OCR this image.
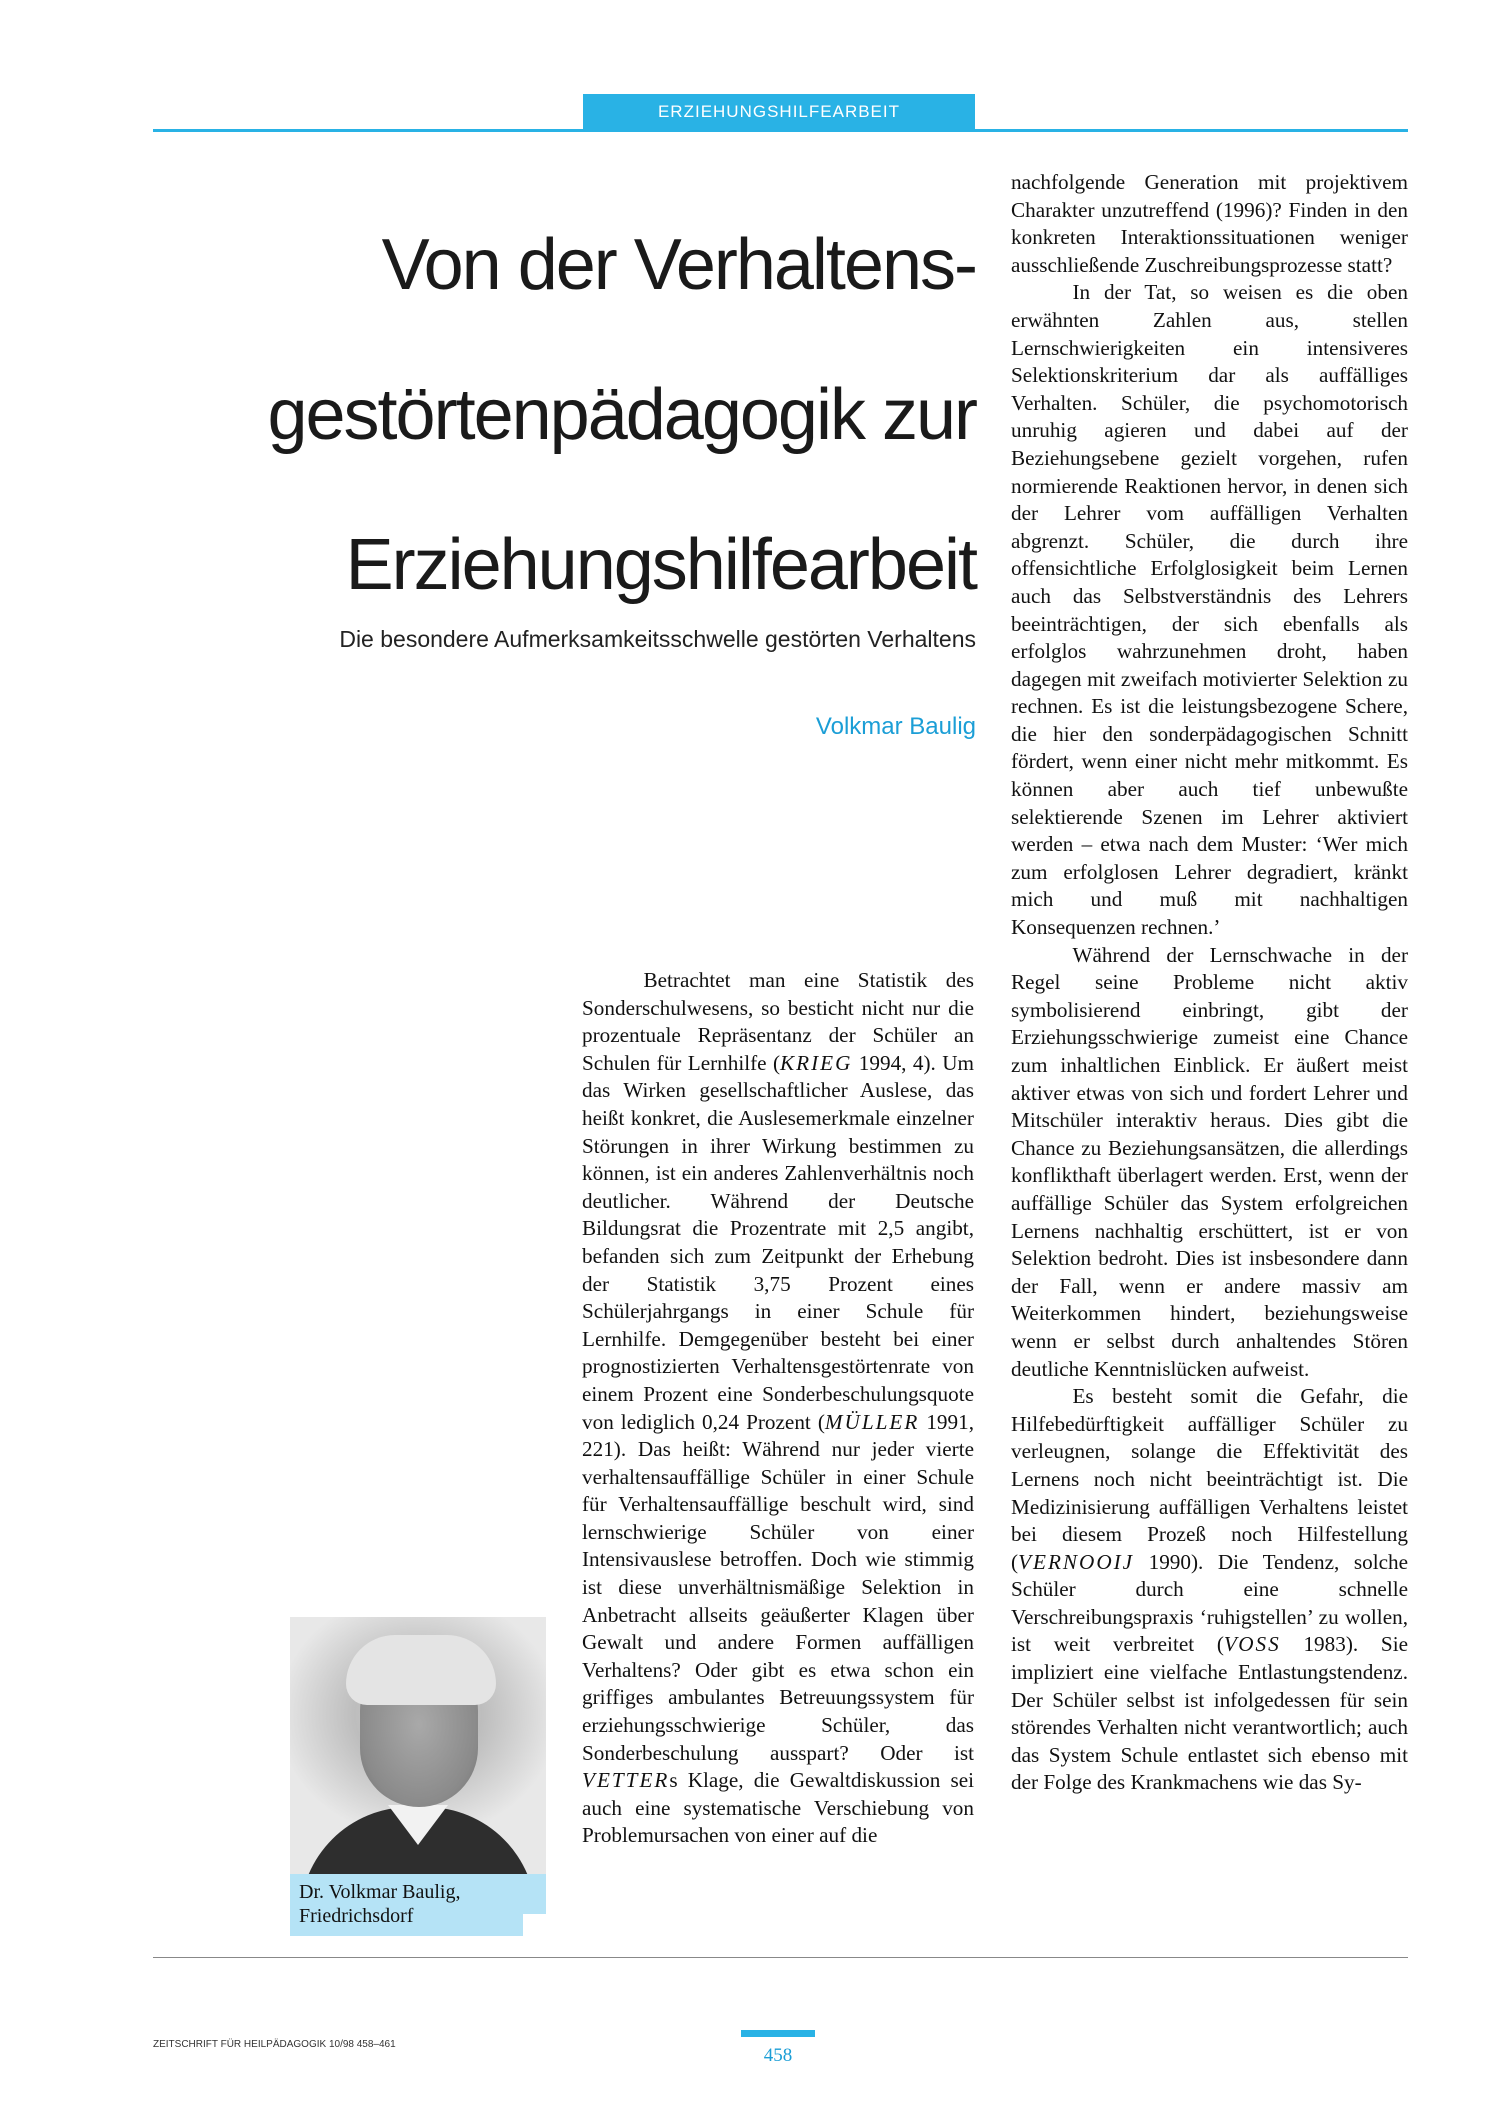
ERZIEHUNGSHILFEARBEIT
Von der Verhaltens-
gestörtenpädagogik zur
Erziehungshilfearbeit
Die besondere Aufmerksamkeitsschwelle gestörten Verhaltens
Volkmar Baulig
Dr. Volkmar Baulig,
Friedrichsdorf

Betrachtet man eine Statistik des Sonderschulwesens, so besticht nicht nur die prozentuale Repräsentanz der Schüler an Schulen für Lernhilfe (KRIEG 1994, 4). Um das Wirken gesellschaftlicher Auslese, das heißt konkret, die Auslesemerkmale einzelner Störungen in ihrer Wirkung bestimmen zu können, ist ein anderes Zahlenverhältnis noch deutlicher. Während der Deutsche Bildungsrat die Prozentrate mit 2,5 angibt, befanden sich zum Zeitpunkt der Erhebung der Statistik 3,75 Prozent eines Schülerjahrgangs in einer Schule für Lernhilfe. Demgegenüber besteht bei einer prognostizierten Verhaltensgestörtenrate von einem Prozent eine Sonderbeschulungsquote von lediglich 0,24 Prozent (MÜLLER 1991, 221). Das heißt: Während nur jeder vierte verhaltensauffällige Schüler in einer Schule für Verhaltensauffällige beschult wird, sind lernschwierige Schüler von einer Intensivauslese betroffen. Doch wie stimmig ist diese unverhältnismäßige Selektion in Anbetracht allseits geäußerter Klagen über Gewalt und andere Formen auffälligen Verhaltens? Oder gibt es etwa schon ein griffiges ambulantes Betreuungssystem für erziehungsschwierige Schüler, das Sonderbeschulung ausspart? Oder ist VETTERs Klage, die Gewaltdiskussion sei auch eine systematische Verschiebung von Problemursachen von einer auf die

nachfolgende Generation mit projektivem Charakter unzutreffend (1996)? Finden in den konkreten Interaktionssituationen weniger ausschließende Zuschreibungsprozesse statt?

In der Tat, so weisen es die oben erwähnten Zahlen aus, stellen Lernschwierigkeiten ein intensiveres Selektionskriterium dar als auffälliges Verhalten. Schüler, die psychomotorisch unruhig agieren und dabei auf der Beziehungsebene gezielt vorgehen, rufen normierende Reaktionen hervor, in denen sich der Lehrer vom auffälligen Verhalten abgrenzt. Schüler, die durch ihre offensichtliche Erfolglosigkeit beim Lernen auch das Selbstverständnis des Lehrers beeinträchtigen, der sich ebenfalls als erfolglos wahrzunehmen droht, haben dagegen mit zweifach motivierter Selektion zu rechnen. Es ist die leistungsbezogene Schere, die hier den sonderpädagogischen Schnitt fördert, wenn einer nicht mehr mitkommt. Es können aber auch tief unbewußte selektierende Szenen im Lehrer aktiviert werden – etwa nach dem Muster: ‘Wer mich zum erfolglosen Lehrer degradiert, kränkt mich und muß mit nachhaltigen Konsequenzen rechnen.’

Während der Lernschwache in der Regel seine Probleme nicht aktiv symbolisierend einbringt, gibt der Erziehungsschwierige zumeist eine Chance zum inhaltlichen Einblick. Er äußert meist aktiver etwas von sich und fordert Lehrer und Mitschüler interaktiv heraus. Dies gibt die Chance zu Beziehungsansätzen, die allerdings konflikthaft überlagert werden. Erst, wenn der auffällige Schüler das System erfolgreichen Lernens nachhaltig erschüttert, ist er von Selektion bedroht. Dies ist insbesondere dann der Fall, wenn er andere massiv am Weiterkommen hindert, beziehungsweise wenn er selbst durch anhaltendes Stören deutliche Kenntnislücken aufweist.

Es besteht somit die Gefahr, die Hilfebedürftigkeit auffälliger Schüler zu verleugnen, solange die Effektivität des Lernens noch nicht beeinträchtigt ist. Die Medizinisierung auffälligen Verhaltens leistet bei diesem Prozeß noch Hilfestellung (VERNOOIJ 1990). Die Tendenz, solche Schüler durch eine schnelle Verschreibungspraxis ‘ruhigstellen’ zu wollen, ist weit verbreitet (VOSS 1983). Sie impliziert eine vielfache Entlastungstendenz. Der Schüler selbst ist infolgedessen für sein störendes Verhalten nicht verantwortlich; auch das System Schule entlastet sich ebenso mit der Folge des Krankmachens wie das Sy-

ZEITSCHRIFT FÜR HEILPÄDAGOGIK 10/98 458–461
458
